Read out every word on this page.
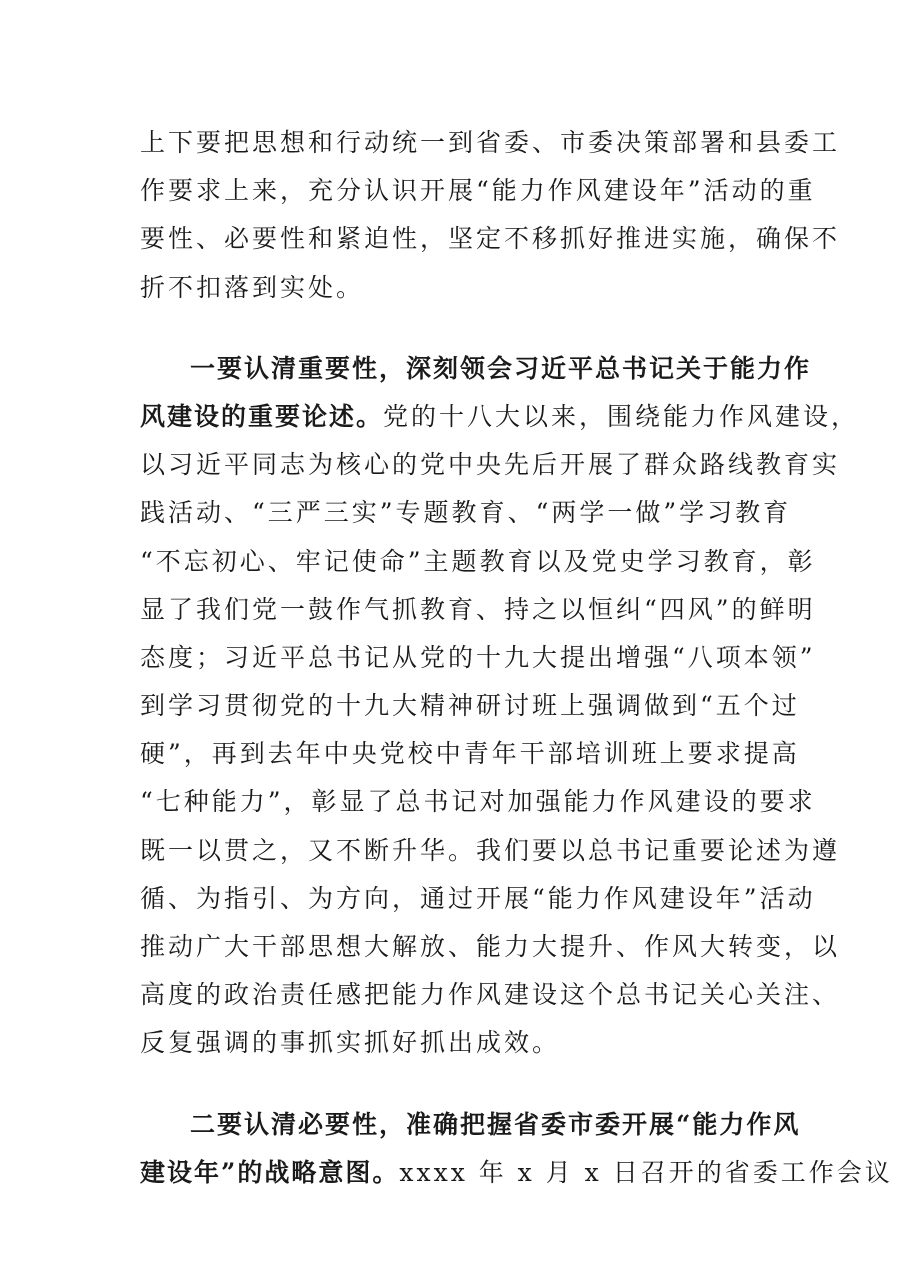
上下要把思想和行动统一到省委、市委决策部署和县委工
作要求上来，充分认识开展“能力作风建设年”活动的重
要性、必要性和紧迫性，坚定不移抓好推进实施，确保不
折不扣落到实处。
一要认清重要性，深刻领会习近平总书记关于能力作
风建设的重要论述。党的十八大以来，围绕能力作风建设，
以习近平同志为核心的党中央先后开展了群众路线教育实
践活动、“三严三实”专题教育、“两学一做”学习教育
“不忘初心、牢记使命”主题教育以及党史学习教育，彰
显了我们党一鼓作气抓教育、持之以恒纠“四风”的鲜明
态度；习近平总书记从党的十九大提出增强“八项本领”
到学习贯彻党的十九大精神研讨班上强调做到“五个过
硬”，再到去年中央党校中青年干部培训班上要求提高
“七种能力”，彰显了总书记对加强能力作风建设的要求
既一以贯之，又不断升华。我们要以总书记重要论述为遵
循、为指引、为方向，通过开展“能力作风建设年”活动
推动广大干部思想大解放、能力大提升、作风大转变，以
高度的政治责任感把能力作风建设这个总书记关心关注、
反复强调的事抓实抓好抓出成效。
二要认清必要性，准确把握省委市委开展“能力作风
建设年”的战略意图。xxxx 年 x 月 x 日召开的省委工作会议
